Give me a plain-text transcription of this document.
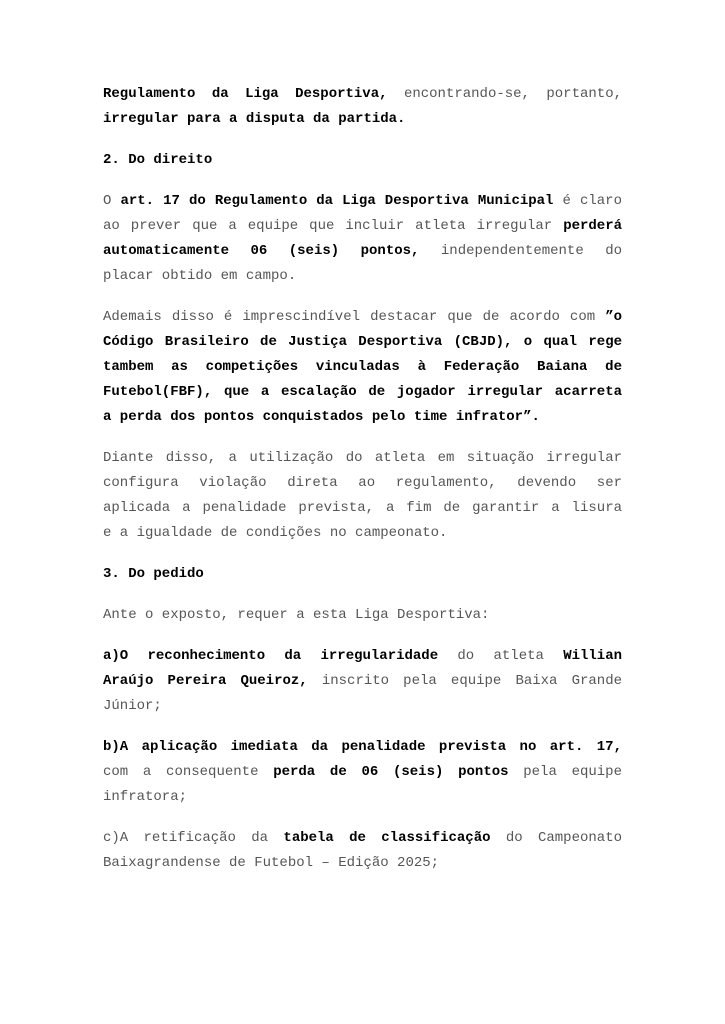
Regulamento da Liga Desportiva, encontrando-se, portanto,
irregular para a disputa da partida.
2. Do direito
O art. 17 do Regulamento da Liga Desportiva Municipal é claro
ao prever que a equipe que incluir atleta irregular perderá
automaticamente 06 (seis) pontos, independentemente do
placar obtido em campo.
Ademais disso é imprescindível destacar que de acordo com ”o
Código Brasileiro de Justiça Desportiva (CBJD), o qual rege
tambem as competições vinculadas à Federação Baiana de
Futebol(FBF), que a escalação de jogador irregular acarreta
a perda dos pontos conquistados pelo time infrator”.
Diante disso, a utilização do atleta em situação irregular
configura violação direta ao regulamento, devendo ser
aplicada a penalidade prevista, a fim de garantir a lisura
e a igualdade de condições no campeonato.
3. Do pedido
Ante o exposto, requer a esta Liga Desportiva:
a)O reconhecimento da irregularidade do atleta Willian
Araújo Pereira Queiroz, inscrito pela equipe Baixa Grande
Júnior;
b)A aplicação imediata da penalidade prevista no art. 17,
com a consequente perda de 06 (seis) pontos pela equipe
infratora;
c)A retificação da tabela de classificação do Campeonato
Baixagrandense de Futebol – Edição 2025;
